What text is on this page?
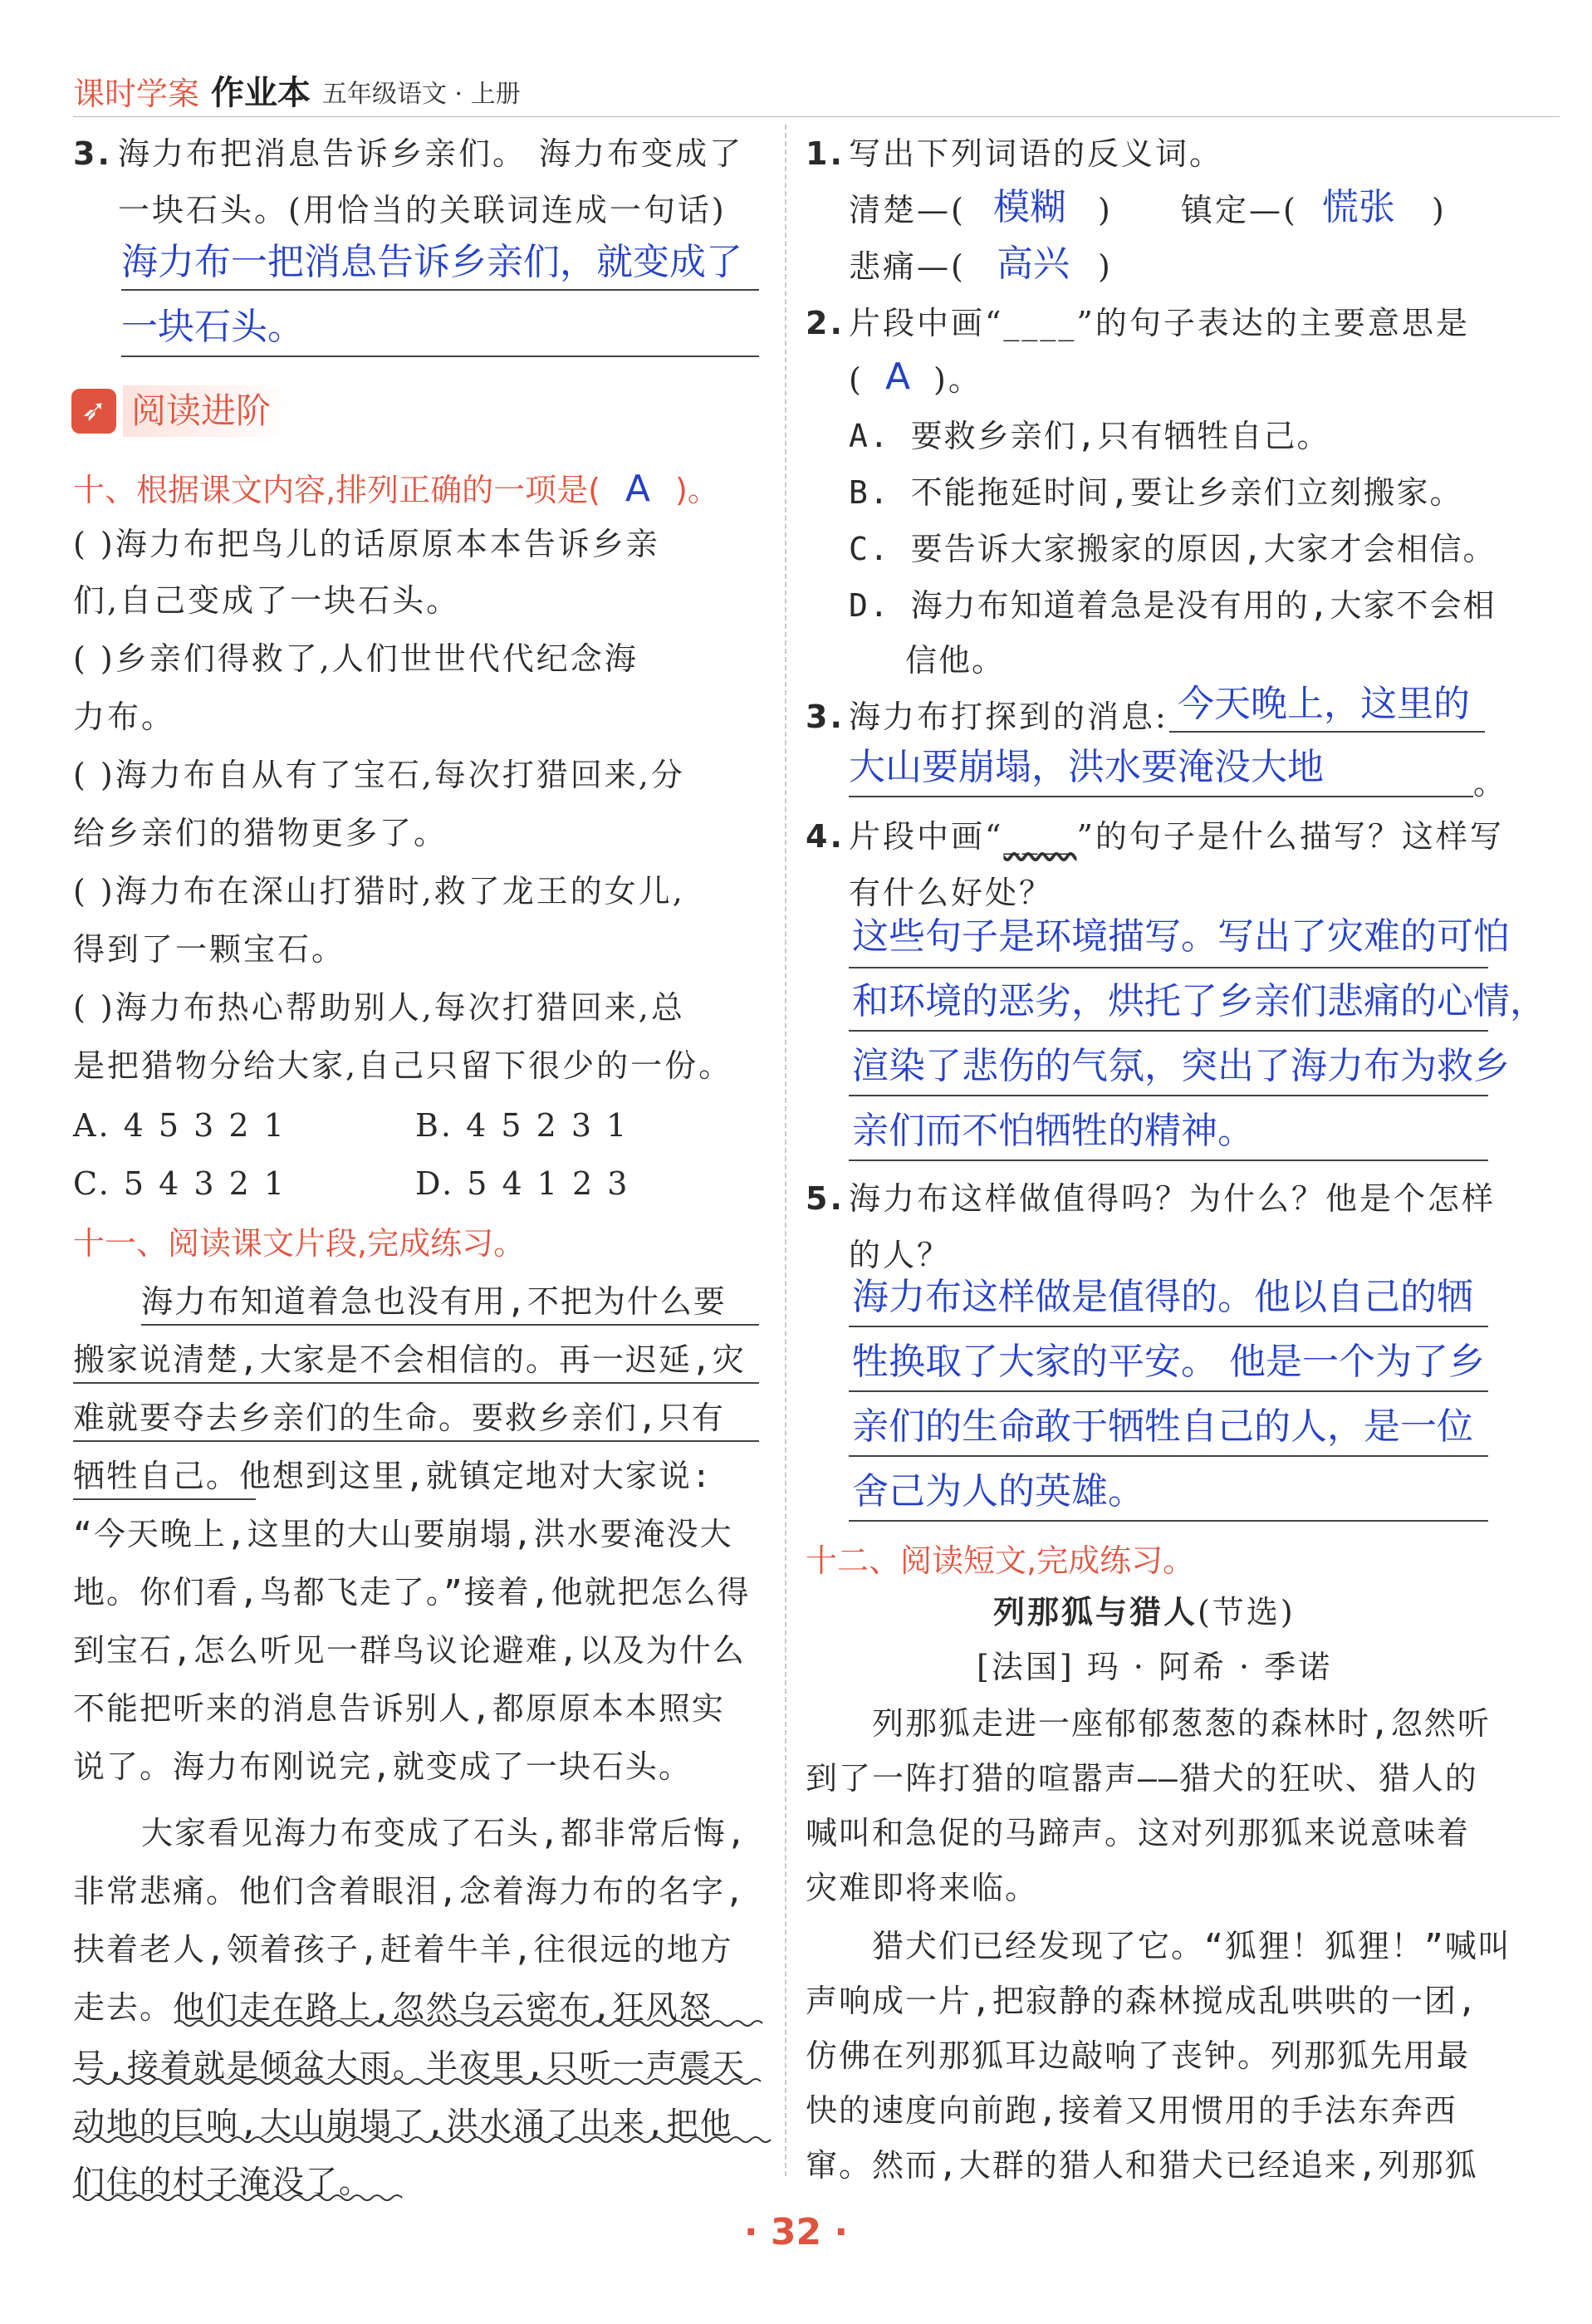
课时学案 作业本 五年级语文 · 上册
3. 海力布把消息告诉乡亲们。 海力布变成了
一块石头。(用恰当的关联词连成一句话)
海力布一把消息告诉乡亲们，就变成了
一块石头。
➶ 阅读进阶
十、根据课文内容,排列正确的一项是( A )。
( )海力布把鸟儿的话原原本本告诉乡亲
们,自己变成了一块石头。
( )乡亲们得救了,人们世世代代纪念海
力布。
( )海力布自从有了宝石,每次打猎回来,分
给乡亲们的猎物更多了。
( )海力布在深山打猎时,救了龙王的女儿,
得到了一颗宝石。
( )海力布热心帮助别人,每次打猎回来,总
是把猎物分给大家,自己只留下很少的一份。
A. 4 5 3 2 1	B. 4 5 2 3 1
C. 5 4 3 2 1	D. 5 4 1 2 3
十一、阅读课文片段,完成练习。
海力布知道着急也没有用,不把为什么要
搬家说清楚,大家是不会相信的。再一迟延,灾
难就要夺去乡亲们的生命。要救乡亲们,只有
牺牲自己。他想到这里,就镇定地对大家说:
“今天晚上,这里的大山要崩塌,洪水要淹没大
地。你们看,鸟都飞走了。”接着,他就把怎么得
到宝石,怎么听见一群鸟议论避难,以及为什么
不能把听来的消息告诉别人,都原原本本照实
说了。海力布刚说完,就变成了一块石头。
大家看见海力布变成了石头,都非常后悔,
非常悲痛。他们含着眼泪,念着海力布的名字,
扶着老人,领着孩子,赶着牛羊,往很远的地方
走去。他们走在路上,忽然乌云密布,狂风怒
号,接着就是倾盆大雨。半夜里,只听一声震天
动地的巨响,大山崩塌了,洪水涌了出来,把他
们住的村子淹没了。
1. 写出下列词语的反义词。
清楚—( 模糊 ) 镇定—( 慌张 )
悲痛—( 高兴 )
2. 片段中画“____”的句子表达的主要意思是
( A )。
A. 要救乡亲们,只有牺牲自己。
B. 不能拖延时间,要让乡亲们立刻搬家。
C. 要告诉大家搬家的原因,大家才会相信。
D. 海力布知道着急是没有用的,大家不会相
信他。
3. 海力布打探到的消息: 今天晚上，这里的
大山要崩塌，洪水要淹没大地	。
4. 片段中画“____”的句子是什么描写？这样写
有什么好处？
这些句子是环境描写。写出了灾难的可怕
和环境的恶劣，烘托了乡亲们悲痛的心情，
渲染了悲伤的气氛，突出了海力布为救乡
亲们而不怕牺牲的精神。
5. 海力布这样做值得吗？为什么？他是个怎样
的人？
海力布这样做是值得的。他以自己的牺
牲换取了大家的平安。 他是一个为了乡
亲们的生命敢于牺牲自己的人，是一位
舍己为人的英雄。
十二、阅读短文,完成练习。
列那狐与猎人(节选)
[法国] 玛 · 阿希 · 季诺
列那狐走进一座郁郁葱葱的森林时,忽然听
到了一阵打猎的喧嚣声——猎犬的狂吠、猎人的
喊叫和急促的马蹄声。这对列那狐来说意味着
灾难即将来临。
猎犬们已经发现了它。“狐狸！狐狸！”喊叫
声响成一片,把寂静的森林搅成乱哄哄的一团,
仿佛在列那狐耳边敲响了丧钟。列那狐先用最
快的速度向前跑,接着又用惯用的手法东奔西
窜。然而,大群的猎人和猎犬已经追来,列那狐
· 32 ·
